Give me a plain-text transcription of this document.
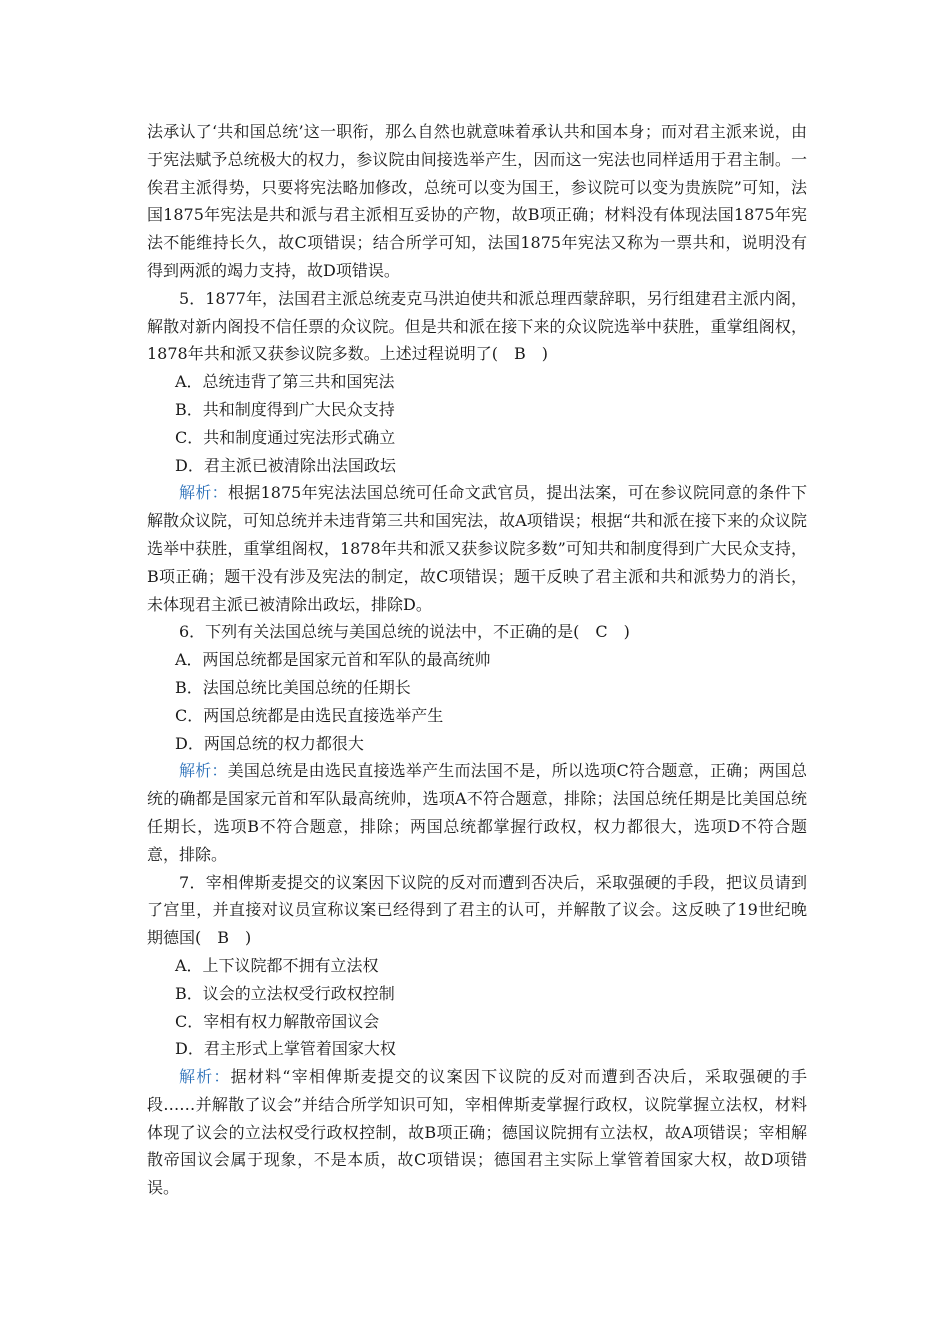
法承认了‘共和国总统’这一职衔，那么自然也就意味着承认共和国本身；而对君主派来说，由于宪法赋予总统极大的权力，参议院由间接选举产生，因而这一宪法也同样适用于君主制。一俟君主派得势，只要将宪法略加修改，总统可以变为国王，参议院可以变为贵族院”可知，法国1875年宪法是共和派与君主派相互妥协的产物，故B项正确；材料没有体现法国1875年宪法不能维持长久，故C项错误；结合所学可知，法国1875年宪法又称为一票共和，说明没有得到两派的竭力支持，故D项错误。

5．1877年，法国君主派总统麦克马洪迫使共和派总理西蒙辞职，另行组建君主派内阁，解散对新内阁投不信任票的众议院。但是共和派在接下来的众议院选举中获胜，重掌组阁权，1878年共和派又获参议院多数。上述过程说明了(　B　)

A．总统违背了第三共和国宪法

B．共和制度得到广大民众支持

C．共和制度通过宪法形式确立

D．君主派已被清除出法国政坛

解析：根据1875年宪法法国总统可任命文武官员，提出法案，可在参议院同意的条件下解散众议院，可知总统并未违背第三共和国宪法，故A项错误；根据“共和派在接下来的众议院选举中获胜，重掌组阁权，1878年共和派又获参议院多数”可知共和制度得到广大民众支持，B项正确；题干没有涉及宪法的制定，故C项错误；题干反映了君主派和共和派势力的消长，未体现君主派已被清除出政坛，排除D。

6．下列有关法国总统与美国总统的说法中，不正确的是(　C　)

A．两国总统都是国家元首和军队的最高统帅

B．法国总统比美国总统的任期长

C．两国总统都是由选民直接选举产生

D．两国总统的权力都很大

解析：美国总统是由选民直接选举产生而法国不是，所以选项C符合题意，正确；两国总统的确都是国家元首和军队最高统帅，选项A不符合题意，排除；法国总统任期是比美国总统任期长，选项B不符合题意，排除；两国总统都掌握行政权，权力都很大，选项D不符合题意，排除。

7．宰相俾斯麦提交的议案因下议院的反对而遭到否决后，采取强硬的手段，把议员请到了宫里，并直接对议员宣称议案已经得到了君主的认可，并解散了议会。这反映了19世纪晚期德国(　B　)

A．上下议院都不拥有立法权

B．议会的立法权受行政权控制

C．宰相有权力解散帝国议会

D．君主形式上掌管着国家大权

解析：据材料“宰相俾斯麦提交的议案因下议院的反对而遭到否决后，采取强硬的手段……并解散了议会”并结合所学知识可知，宰相俾斯麦掌握行政权，议院掌握立法权，材料体现了议会的立法权受行政权控制，故B项正确；德国议院拥有立法权，故A项错误；宰相解散帝国议会属于现象，不是本质，故C项错误；德国君主实际上掌管着国家大权，故D项错误。
